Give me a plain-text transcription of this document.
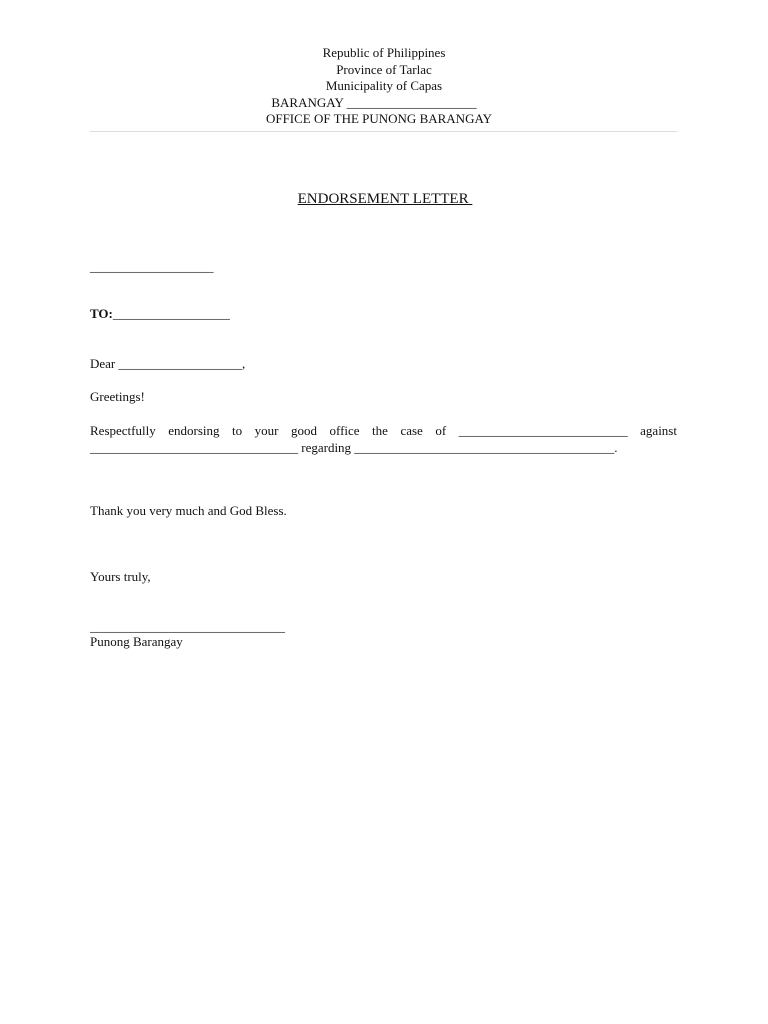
Republic of Philippines
Province of Tarlac
Municipality of Capas
BARANGAY ____________________
OFFICE OF THE PUNONG BARANGAY
ENDORSEMENT LETTER
___________________
TO:__________________
Dear ___________________,
Greetings!
Respectfully endorsing to your good office the case of __________________________ against
________________________________ regarding ________________________________________.
Thank you very much and God Bless.
Yours truly,
______________________________
Punong Barangay
